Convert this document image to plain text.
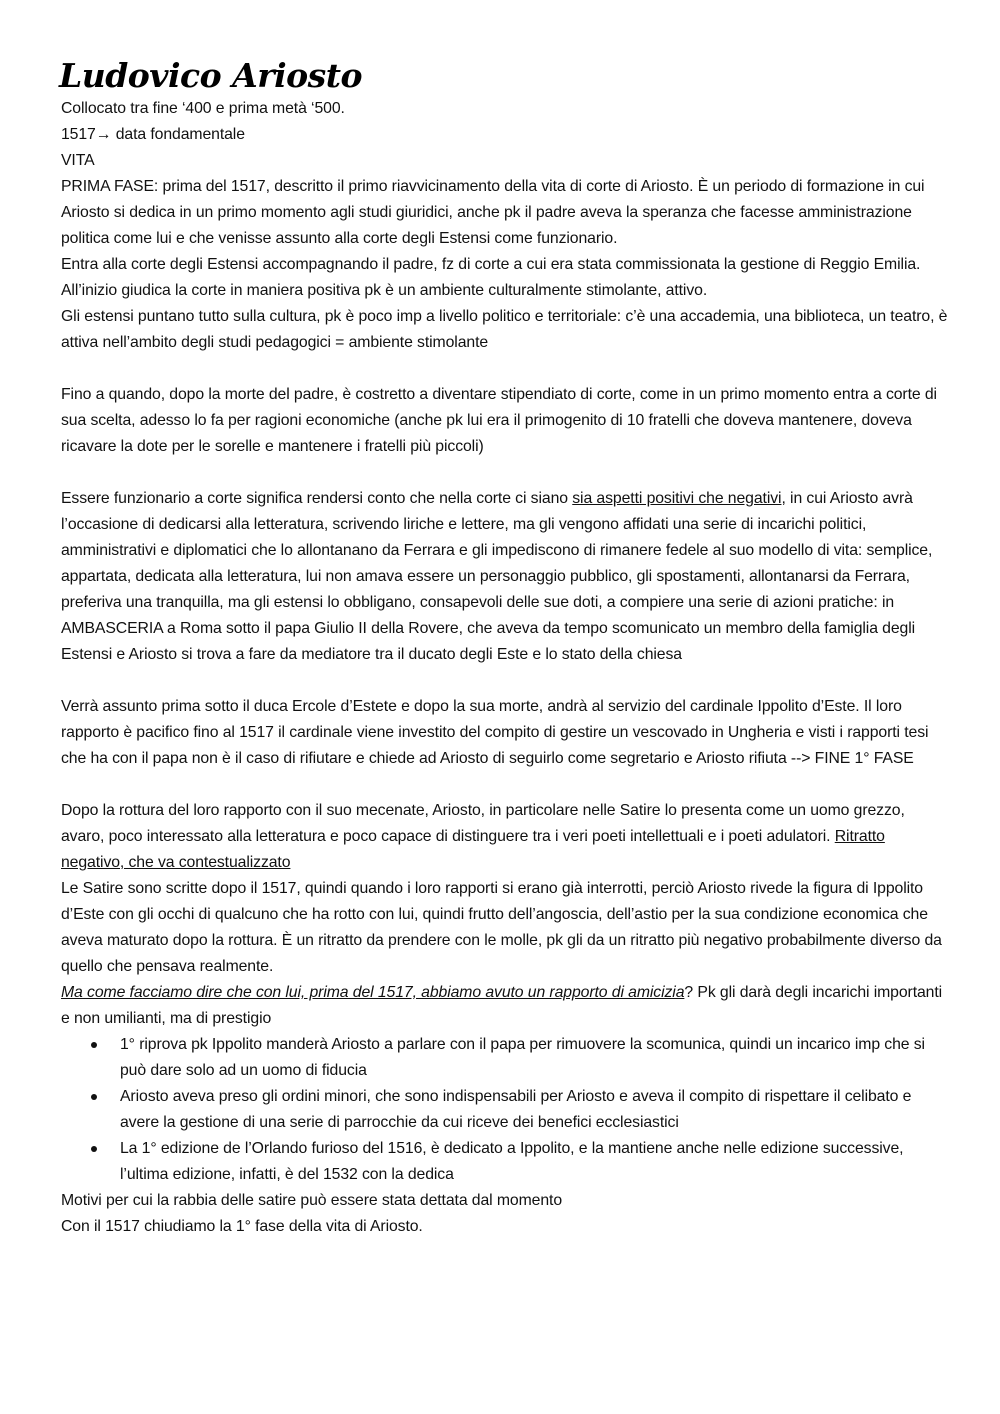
Ludovico Ariosto

Collocato tra fine ‘400 e prima metà ‘500.

1517→ data fondamentale

VITA

PRIMA FASE: prima del 1517, descritto il primo riavvicinamento della vita di corte di Ariosto. È un periodo di formazione in cui Ariosto si dedica in un primo momento agli studi giuridici, anche pk il padre aveva la speranza che facesse amministrazione politica come lui e che venisse assunto alla corte degli Estensi come funzionario.

Entra alla corte degli Estensi accompagnando il padre, fz di corte a cui era stata commissionata la gestione di Reggio Emilia. All’inizio giudica la corte in maniera positiva pk è un ambiente culturalmente stimolante, attivo.

Gli estensi puntano tutto sulla cultura, pk è poco imp a livello politico e territoriale: c’è una accademia, una biblioteca, un teatro, è attiva nell’ambito degli studi pedagogici = ambiente stimolante

Fino a quando, dopo la morte del padre, è costretto a diventare stipendiato di corte, come in un primo momento entra a corte di sua scelta, adesso lo fa per ragioni economiche (anche pk lui era il primogenito di 10 fratelli che doveva mantenere, doveva ricavare la dote per le sorelle e mantenere i fratelli più piccoli)

Essere funzionario a corte significa rendersi conto che nella corte ci siano sia aspetti positivi che negativi, in cui Ariosto avrà l’occasione di dedicarsi alla letteratura, scrivendo liriche e lettere, ma gli vengono affidati una serie di incarichi politici, amministrativi e diplomatici che lo allontanano da Ferrara e gli impediscono di rimanere fedele al suo modello di vita: semplice, appartata, dedicata alla letteratura, lui non amava essere un personaggio pubblico, gli spostamenti, allontanarsi da Ferrara, preferiva una tranquilla, ma gli estensi lo obbligano, consapevoli delle sue doti, a compiere una serie di azioni pratiche: in AMBASCERIA a Roma sotto il papa Giulio II della Rovere, che aveva da tempo scomunicato un membro della famiglia degli Estensi e Ariosto si trova a fare da mediatore tra il ducato degli Este e lo stato della chiesa

Verrà assunto prima sotto il duca Ercole d’Estete e dopo la sua morte, andrà al servizio del cardinale Ippolito d’Este. Il loro rapporto è pacifico fino al 1517 il cardinale viene investito del compito di gestire un vescovado in Ungheria e visti i rapporti tesi che ha con il papa non è il caso di rifiutare e chiede ad Ariosto di seguirlo come segretario e Ariosto rifiuta --> FINE 1° FASE

Dopo la rottura del loro rapporto con il suo mecenate, Ariosto, in particolare nelle Satire lo presenta come un uomo grezzo, avaro, poco interessato alla letteratura e poco capace di distinguere tra i veri poeti intellettuali e i poeti adulatori. Ritratto negativo, che va contestualizzato

Le Satire sono scritte dopo il 1517, quindi quando i loro rapporti si erano già interrotti, perciò Ariosto rivede la figura di Ippolito d’Este con gli occhi di qualcuno che ha rotto con lui, quindi frutto dell’angoscia, dell’astio per la sua condizione economica che aveva maturato dopo la rottura. È un ritratto da prendere con le molle, pk gli da un ritratto più negativo probabilmente diverso da quello che pensava realmente.

Ma come facciamo dire che con lui, prima del 1517, abbiamo avuto un rapporto di amicizia? Pk gli darà degli incarichi importanti e non umilianti, ma di prestigio

1° riprova pk Ippolito manderà Ariosto a parlare con il papa per rimuovere la scomunica, quindi un incarico imp che si può dare solo ad un uomo di fiducia
Ariosto aveva preso gli ordini minori, che sono indispensabili per Ariosto e aveva il compito di rispettare il celibato e avere la gestione di una serie di parrocchie da cui riceve dei benefici ecclesiastici
La 1° edizione de l’Orlando furioso del 1516, è dedicato a Ippolito, e la mantiene anche nelle edizione successive, l’ultima edizione, infatti, è del 1532 con la dedica

Motivi per cui la rabbia delle satire può essere stata dettata dal momento

Con il 1517 chiudiamo la 1° fase della vita di Ariosto.
